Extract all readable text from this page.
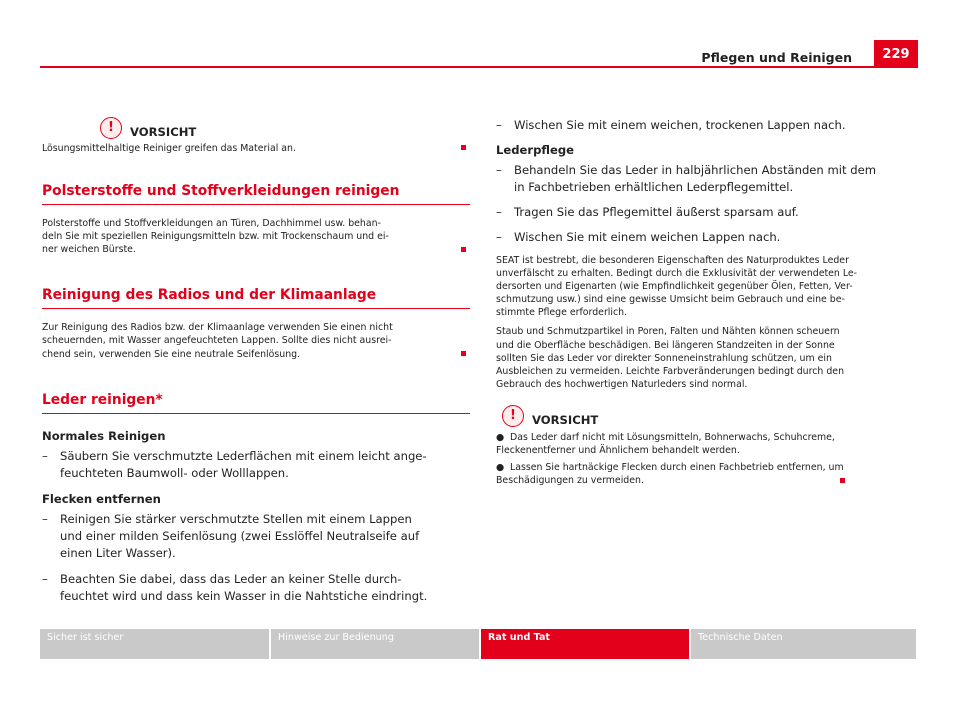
Pflegen und Reinigen	229
!	VORSICHT

Lösungsmittelhaltige Reiniger greifen das Material an.

Polsterstoffe und Stoffverkleidungen reinigen

Polsterstoffe und Stoffverkleidungen an Türen, Dachhimmel usw. behan-

deln Sie mit speziellen Reinigungsmitteln bzw. mit Trockenschaum und ei-

ner weichen Bürste.

Reinigung des Radios und der Klimaanlage

Zur Reinigung des Radios bzw. der Klimaanlage verwenden Sie einen nicht

scheuernden, mit Wasser angefeuchteten Lappen. Sollte dies nicht ausrei-

chend sein, verwenden Sie eine neutrale Seifenlösung.

Leder reinigen*

Normales Reinigen

–	Säubern Sie verschmutzte Lederflächen mit einem leicht ange-
feuchteten Baumwoll- oder Wolllappen.

Flecken entfernen

–	Reinigen Sie stärker verschmutzte Stellen mit einem Lappen
und einer milden Seifenlösung (zwei Esslöffel Neutralseife auf
einen Liter Wasser).
–	Beachten Sie dabei, dass das Leder an keiner Stelle durch-
feuchtet wird und dass kein Wasser in die Nahtstiche eindringt.
–	Wischen Sie mit einem weichen, trockenen Lappen nach.

Lederpflege

–	Behandeln Sie das Leder in halbjährlichen Abständen mit dem
in Fachbetrieben erhältlichen Lederpflegemittel.
–	Tragen Sie das Pflegemittel äußerst sparsam auf.
–	Wischen Sie mit einem weichen Lappen nach.

SEAT ist bestrebt, die besonderen Eigenschaften des Naturproduktes Leder

unverfälscht zu erhalten. Bedingt durch die Exklusivität der verwendeten Le-

dersorten und Eigenarten (wie Empfindlichkeit gegenüber Ölen, Fetten, Ver-

schmutzung usw.) sind eine gewisse Umsicht beim Gebrauch und eine be-

stimmte Pflege erforderlich.

Staub und Schmutzpartikel in Poren, Falten und Nähten können scheuern

und die Oberfläche beschädigen. Bei längeren Standzeiten in der Sonne

sollten Sie das Leder vor direkter Sonneneinstrahlung schützen, um ein

Ausbleichen zu vermeiden. Leichte Farbveränderungen bedingt durch den

Gebrauch des hochwertigen Naturleders sind normal.

!	VORSICHT
● Das Leder darf nicht mit Lösungsmitteln, Bohnerwachs, Schuhcreme,
Fleckenentferner und Ähnlichem behandelt werden.
● Lassen Sie hartnäckige Flecken durch einen Fachbetrieb entfernen, um
Beschädigungen zu vermeiden.
Sicher ist sicher	Hinweise zur Bedienung	Rat und Tat	Technische Daten
